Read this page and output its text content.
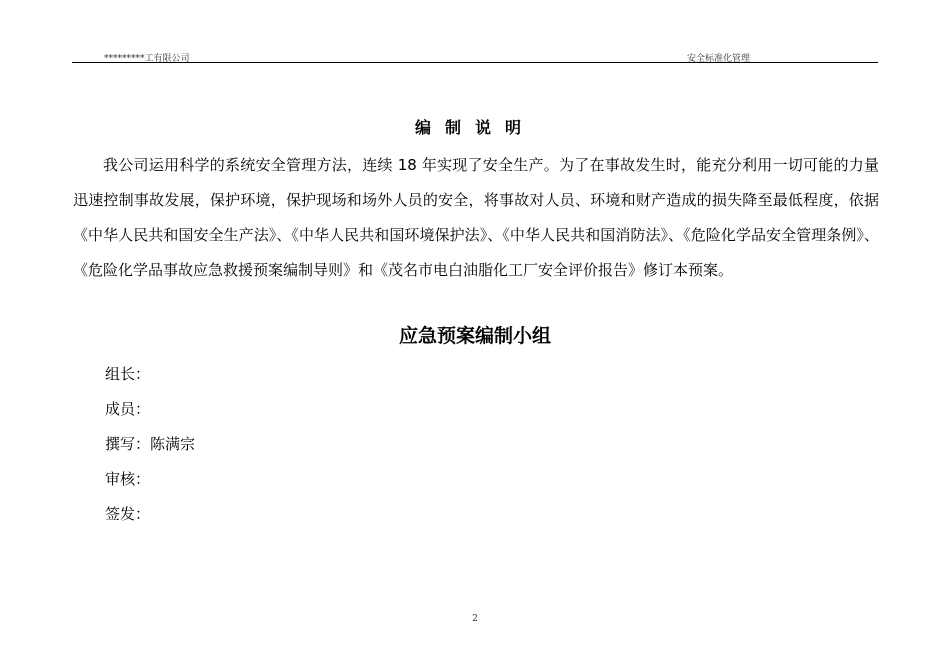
*********工有限公司	安全标准化管理
编制说明
我公司运用科学的系统安全管理方法，连续 18 年实现了安全生产。为了在事故发生时，能充分利用一切可能的力量迅速控制事故发展，保护环境，保护现场和场外人员的安全，将事故对人员、环境和财产造成的损失降至最低程度，依据《中华人民共和国安全生产法》、《中华人民共和国环境保护法》、《中华人民共和国消防法》、《危险化学品安全管理条例》、《危险化学品事故应急救援预案编制导则》和《茂名市电白油脂化工厂安全评价报告》修订本预案。
应急预案编制小组
组长：
成员：
撰写：陈满宗
审核：
签发：
2
